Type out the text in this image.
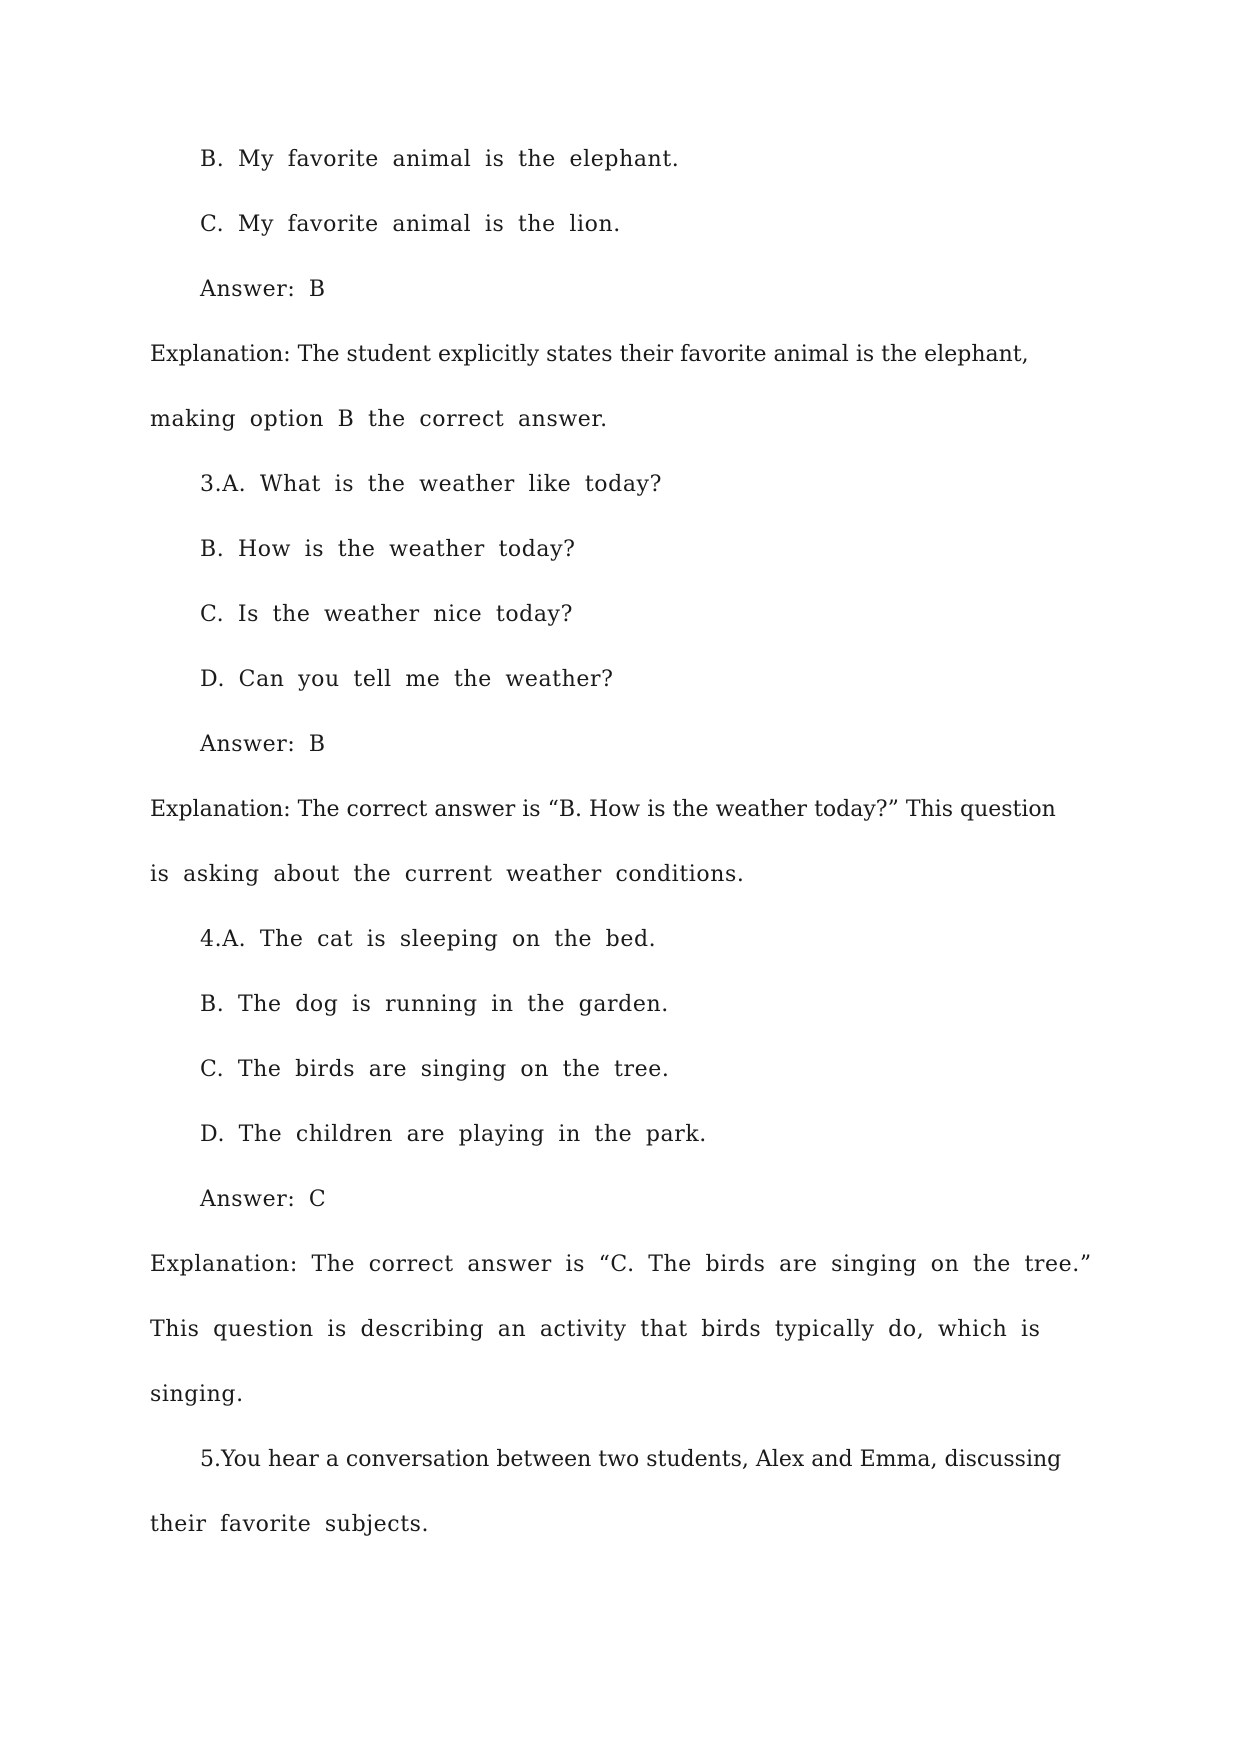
B. My favorite animal is the elephant.
C. My favorite animal is the lion.
Answer: B
Explanation: The student explicitly states their favorite animal is the elephant,
making option B the correct answer.
3.A. What is the weather like today?
B. How is the weather today?
C. Is the weather nice today?
D. Can you tell me the weather?
Answer: B
Explanation: The correct answer is “B. How is the weather today?” This question
is asking about the current weather conditions.
4.A. The cat is sleeping on the bed.
B. The dog is running in the garden.
C. The birds are singing on the tree.
D. The children are playing in the park.
Answer: C
Explanation: The correct answer is “C. The birds are singing on the tree.”
This question is describing an activity that birds typically do, which is
singing.
5.You hear a conversation between two students, Alex and Emma, discussing
their favorite subjects.
